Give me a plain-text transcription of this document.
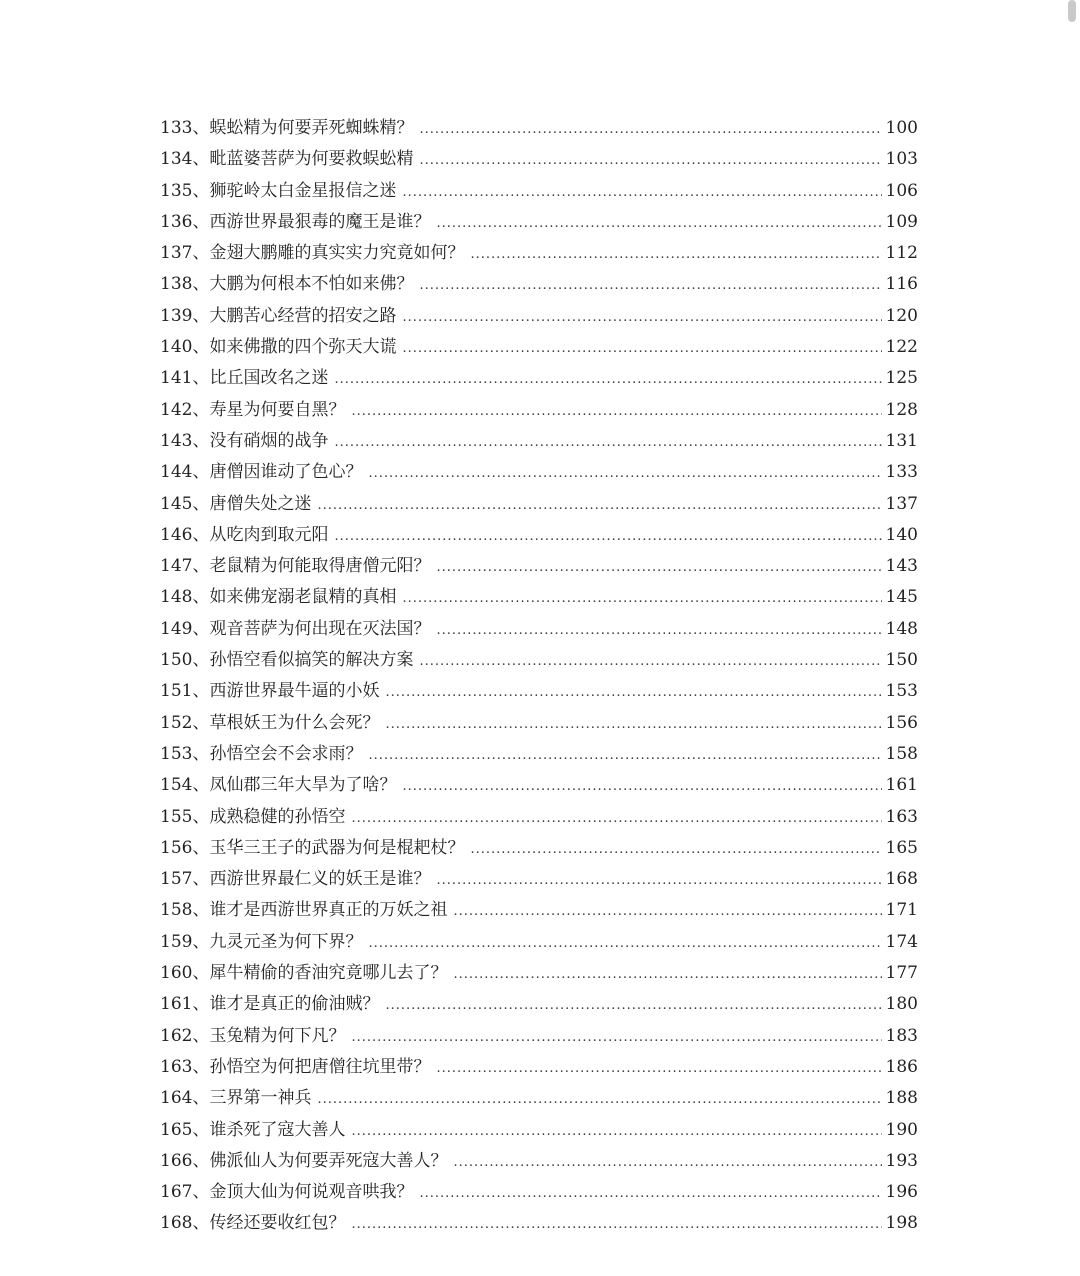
133 、 蜈蚣精为何要弄死蜘蛛精？ .....	100
134 、 毗蓝婆菩萨为何要救蜈蚣精 .....	103
135 、 狮驼岭太白金星报信之迷 .....	106
136 、 西游世界最狠毒的魔王是谁？ .....	109
137 、 金翅大鹏雕的真实实力究竟如何？ .....	112
138 、 大鹏为何根本不怕如来佛？ .....	116
139 、 大鹏苦心经营的招安之路 .....	120
140 、 如来佛撒的四个弥天大谎 .....	122
141 、 比丘国改名之迷 .....	125
142 、 寿星为何要自黑？ .....	128
143 、 没有硝烟的战争 .....	131
144 、 唐僧因谁动了色心？ .....	133
145 、 唐僧失处之迷 .....	137
146 、 从吃肉到取元阳 .....	140
147 、 老鼠精为何能取得唐僧元阳？ .....	143
148 、 如来佛宠溺老鼠精的真相 .....	145
149 、 观音菩萨为何出现在灭法国？ .....	148
150 、 孙悟空看似搞笑的解决方案 .....	150
151 、 西游世界最牛逼的小妖 .....	153
152 、 草根妖王为什么会死？ .....	156
153 、 孙悟空会不会求雨？ .....	158
154 、 凤仙郡三年大旱为了啥？ .....	161
155 、 成熟稳健的孙悟空 .....	163
156 、 玉华三王子的武器为何是棍耙杖？ .....	165
157 、 西游世界最仁义的妖王是谁？ .....	168
158 、 谁才是西游世界真正的万妖之祖 .....	171
159 、 九灵元圣为何下界？ .....	174
160 、 犀牛精偷的香油究竟哪儿去了？ .....	177
161 、 谁才是真正的偷油贼？ .....	180
162 、 玉兔精为何下凡？ .....	183
163 、 孙悟空为何把唐僧往坑里带？ .....	186
164 、 三界第一神兵 .....	188
165 、 谁杀死了寇大善人 .....	190
166 、 佛派仙人为何要弄死寇大善人？ .....	193
167 、 金顶大仙为何说观音哄我？ .....	196
168 、 传经还要收红包？ .....	198
